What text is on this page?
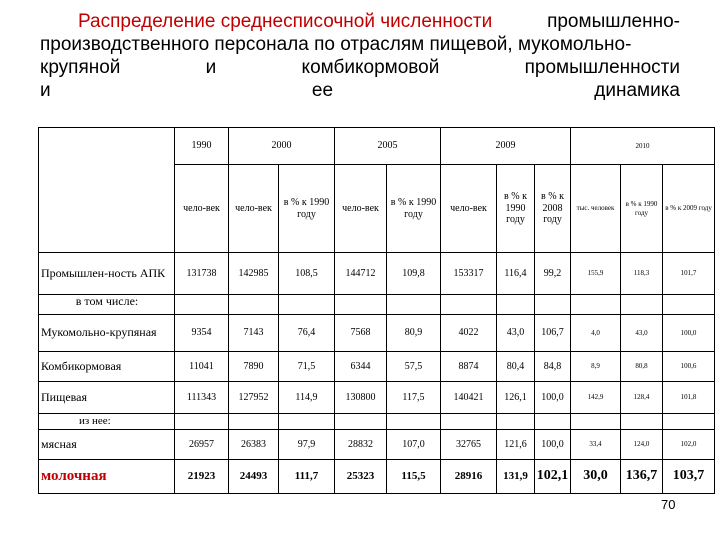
Распределение среднесписочной численности	промышленно-

производственного персонала по отраслям пищевой, мукомольно-

крупяной	и	комбикормовой	промышленности

и	ее	динамика

	1990	2000		2005		2009			2010		
	чело-век	чело-век	в % к 1990 году	чело-век	в % к 1990 году	чело-век	в % к 1990 году	в % к 2008 году	тыс. человек	в % к 1990 году	в % к 2009 году
Промышлен-ность АПК	131738	142985	108,5	144712	109,8	153317	116,4	99,2	155,9	118,3	101,7
в том числе:											
Мукомольно-крупяная	9354	7143	76,4	7568	80,9	4022	43,0	106,7	4,0	43,0	100,0
Комбикормовая	11041	7890	71,5	6344	57,5	8874	80,4	84,8	8,9	80,8	100,6
Пищевая	111343	127952	114,9	130800	117,5	140421	126,1	100,0	142,9	128,4	101,8
из нее:											
мясная	26957	26383	97,9	28832	107,0	32765	121,6	100,0	33,4	124,0	102,0
молочная	21923	24493	111,7	25323	115,5	28916	131,9	102,1	30,0	136,7	103,7
70
